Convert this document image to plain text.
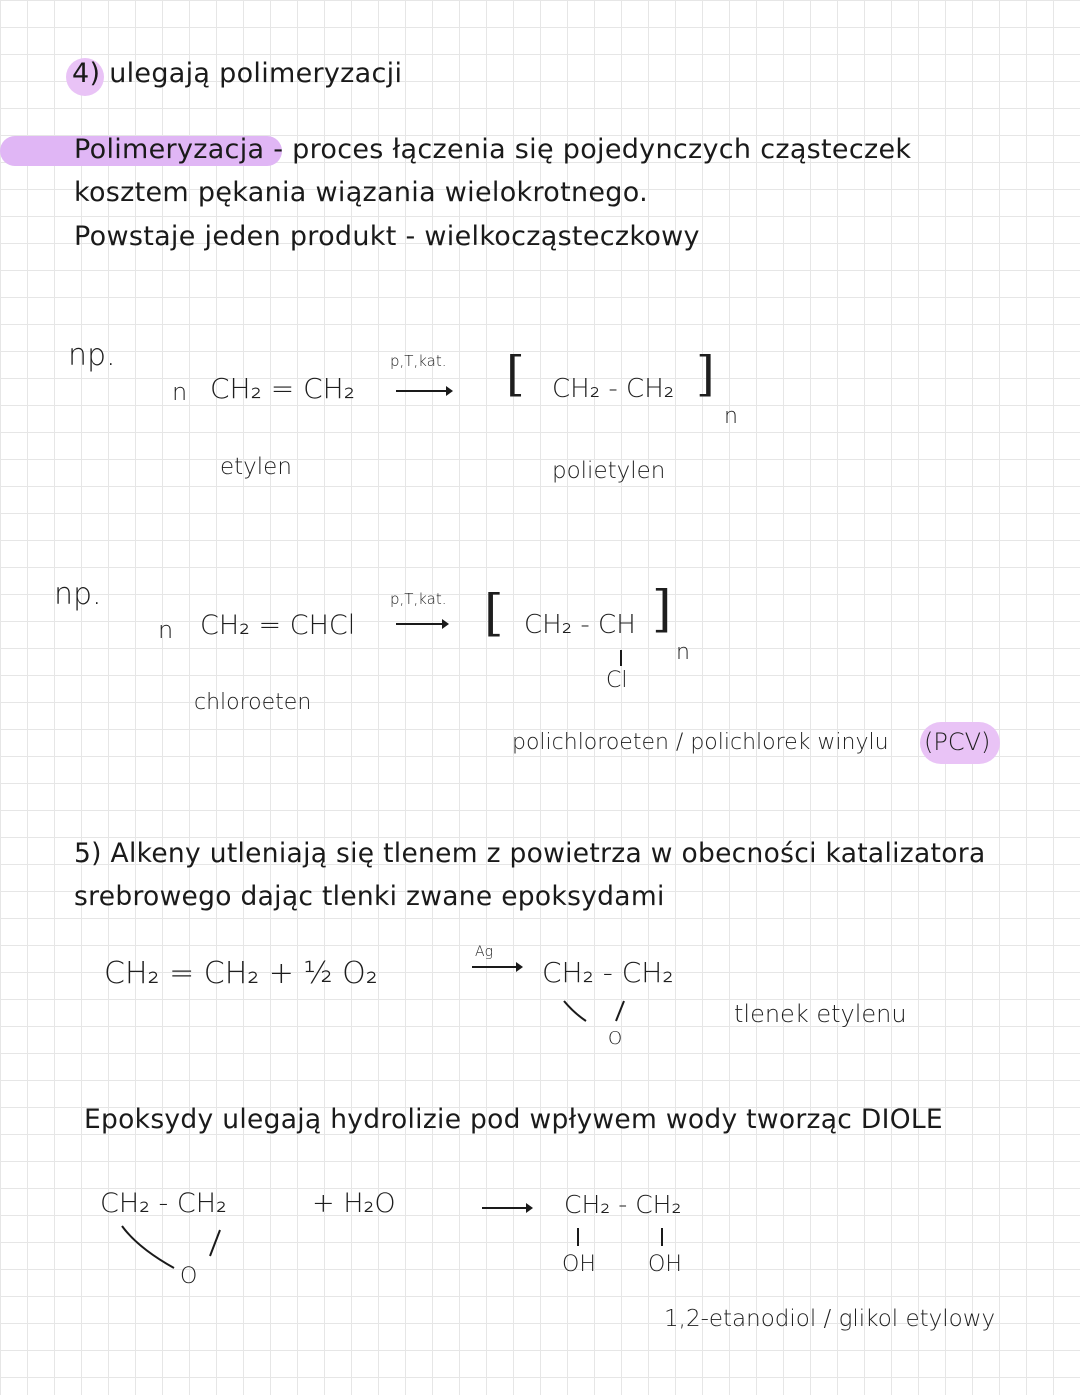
4) ulegają polimeryzacji
Polimeryzacja - proces łączenia się pojedynczych cząsteczek
kosztem pękania wiązania wielokrotnego.
Powstaje jeden produkt - wielkocząsteczkowy
np.
n CH₂ = CH₂
p,T,kat. [ CH₂ - CH₂ ]
n
etylen	polietylen
np.
n CH₂ = CHCl
p,T,kat. [ CH₂ - CH ]
n
Cl
chloroeten
polichloroeten / polichlorek winylu (PCV)
5) Alkeny utleniają się tlenem z powietrza w obecności katalizatora
srebrowego dając tlenki zwane epoksydami
CH₂ = CH₂ + ½ O₂
Ag
CH₂ - CH₂
O
tlenek etylenu
Epoksydy ulegają hydrolizie pod wpływem wody tworząc DIOLE
CH₂ - CH₂
O
+ H₂O	CH₂ - CH₂
OH OH
1,2-etanodiol / glikol etylowy
